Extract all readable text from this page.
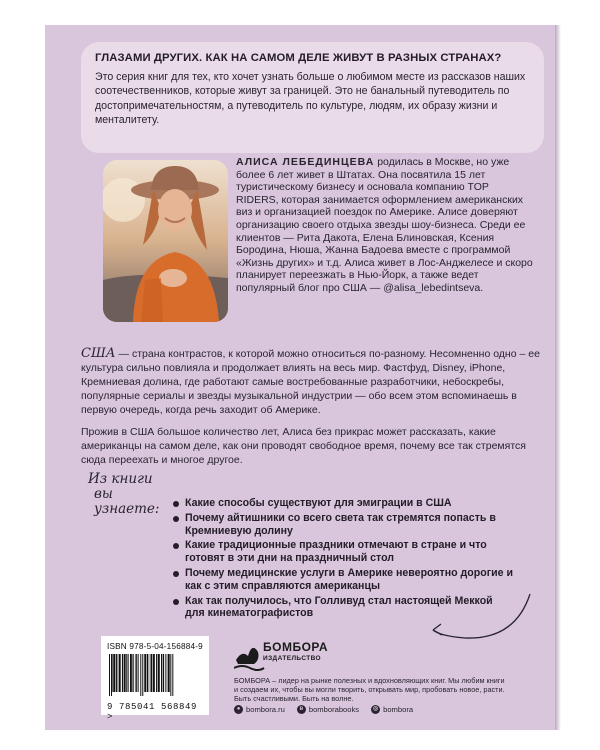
ГЛАЗАМИ ДРУГИХ. КАК НА САМОМ ДЕЛЕ ЖИВУТ В РАЗНЫХ СТРАНАХ?

Это серия книг для тех, кто хочет узнать больше о любимом месте из рассказов наших соотечественников, которые живут за границей. Это не банальный путеводитель по достопримечательностям, а путеводитель по культуре, людям, их образу жизни и менталитету.

АЛИСА ЛЕБЕДИНЦЕВА родилась в Москве, но уже более 6 лет живет в Штатах. Она посвятила 15 лет туристическому бизнесу и основала компанию TOP RIDERS, которая занимается оформлением американских виз и организацией поездок по Америке. Алисе доверяют организацию своего отдыха звезды шоу-бизнеса. Среди ее клиентов — Рита Дакота, Елена Блиновская, Ксения Бородина, Нюша, Жанна Бадоева вместе с программой «Жизнь других» и т.д. Алиса живет в Лос-Анджелесе и скоро планирует переезжать в Нью-Йорк, а также ведет популярный блог про США — @alisa_lebedintseva.

США — страна контрастов, к которой можно относиться по-разному. Несомненно одно – ее культура сильно повлияла и продолжает влиять на весь мир. Фастфуд, Disney, iPhone, Кремниевая долина, где работают самые востребованные разработчики, небоскребы, популярные сериалы и звезды музыкальной индустрии — обо всем этом вспоминаешь в первую очередь, когда речь заходит об Америке.

Прожив в США большое количество лет, Алиса без прикрас может рассказать, какие американцы на самом деле, как они проводят свободное время, почему все так стремятся сюда переехать и многое другое.

Из книги
вы узнаете:	Какие способы существуют для эмиграции в США
Почему айтишники со всего света так стремятся попасть в Кремниевую долину
Какие традиционные праздники отмечают в стране и что готовят в эти дни на праздничный стол
Почему медицинские услуги в Америке невероятно дорогие и как с этим справляются американцы
Как так получилось, что Голливуд стал настоящей Меккой для кинематографистов
ISBN 978-5-04-156884-9
9 785041 568849 >
БОМБОРА
ИЗДАТЕЛЬСТВО
БОМБОРА – лидер на рынке полезных и вдохновляющих книг. Мы любим книги и создаем их, чтобы вы могли творить, открывать мир, пробовать новое, расти. Быть счастливыми. Быть на волне.
● bombora.ru	в bomborabooks	◎ bombora
